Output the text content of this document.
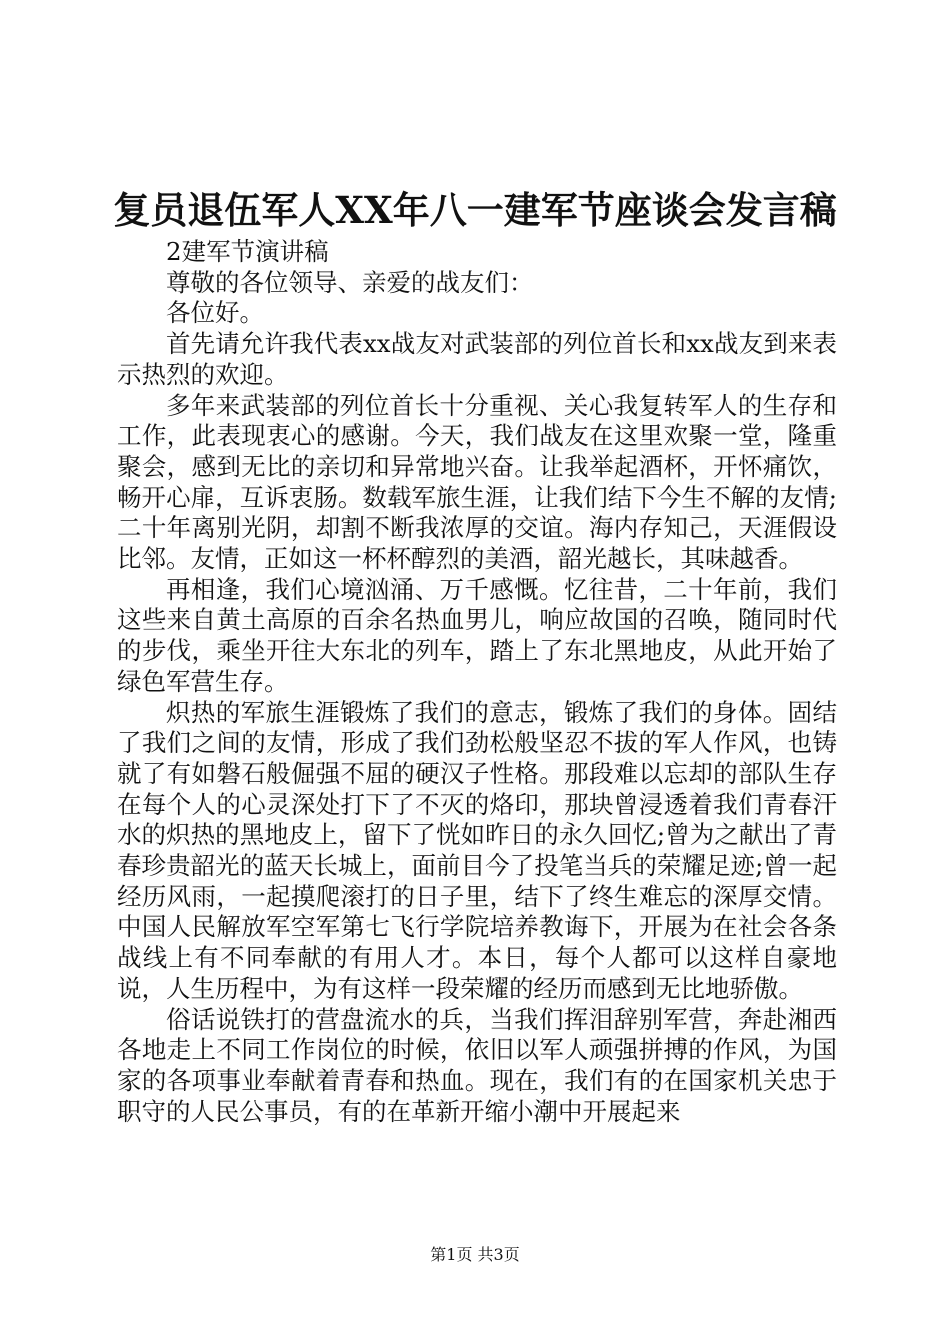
复员退伍军人XX年八一建军节座谈会发言稿

2建军节演讲稿

尊敬的各位领导、亲爱的战友们：

各位好。

首先请允许我代表xx战友对武装部的列位首长和xx战友到来表示热烈的欢迎。

多年来武装部的列位首长十分重视、关心我复转军人的生存和工作，此表现衷心的感谢。今天，我们战友在这里欢聚一堂，隆重聚会，感到无比的亲切和异常地兴奋。让我举起酒杯，开怀痛饮，畅开心扉，互诉衷肠。数载军旅生涯，让我们结下今生不解的友情;二十年离别光阴，却割不断我浓厚的交谊。海内存知己，天涯假设比邻。友情，正如这一杯杯醇烈的美酒，韶光越长，其味越香。

再相逢，我们心境汹涌、万千感慨。忆往昔，二十年前，我们这些来自黄土高原的百余名热血男儿，响应故国的召唤，随同时代的步伐，乘坐开往大东北的列车，踏上了东北黑地皮，从此开始了绿色军营生存。

炽热的军旅生涯锻炼了我们的意志，锻炼了我们的身体。固结了我们之间的友情，形成了我们劲松般坚忍不拔的军人作风，也铸就了有如磐石般倔强不屈的硬汉子性格。那段难以忘却的部队生存在每个人的心灵深处打下了不灭的烙印，那块曾浸透着我们青春汗水的炽热的黑地皮上，留下了恍如昨日的永久回忆;曾为之献出了青春珍贵韶光的蓝天长城上，面前目今了投笔当兵的荣耀足迹;曾一起经历风雨，一起摸爬滚打的日子里，结下了终生难忘的深厚交情。中国人民解放军空军第七飞行学院培养教诲下，开展为在社会各条战线上有不同奉献的有用人才。本日，每个人都可以这样自豪地说，人生历程中，为有这样一段荣耀的经历而感到无比地骄傲。

俗话说铁打的营盘流水的兵，当我们挥泪辞别军营，奔赴湘西各地走上不同工作岗位的时候，依旧以军人顽强拼搏的作风，为国家的各项事业奉献着青春和热血。现在，我们有的在国家机关忠于职守的人民公事员，有的在革新开缩小潮中开展起来

第1页 共3页
